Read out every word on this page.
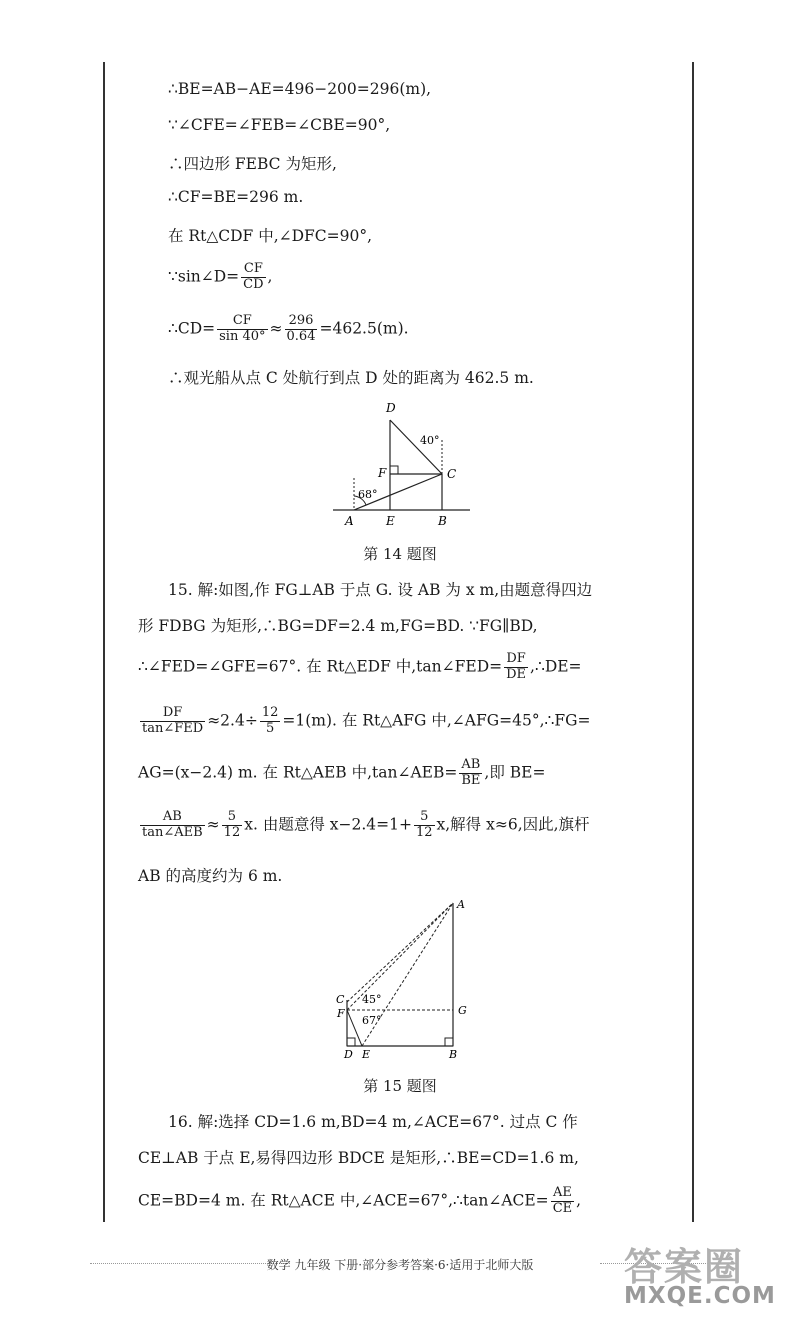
∴BE=AB−AE=496−200=296(m),
∵∠CFE=∠FEB=∠CBE=90°,
∴四边形 FEBC 为矩形,
∴CF=BE=296 m.
在 Rt△CDF 中,∠DFC=90°,
∵sin∠D= $\frac{CF}{CD}$ ,
∴CD= $\frac{CF}{\sin 40^\circ} \approx \frac{296}{0.64} =462.5(m)$.
∴观光船从点 C 处航行到点 D 处的距离为 462.5 m.
D
F	C
A	E	B
40°
68°
第 14 题图
15. 解:如图,作 FG⊥AB 于点 G. 设 AB 为 x m,由题意得四边
形 FDBG 为矩形,∴BG=DF=2.4 m,FG=BD. ∵FG∥BD,
∴∠FED=∠GFE=67°. 在 Rt△EDF 中,tan∠FED= $\frac{DF}{DE}$ ,∴DE=
$\frac{DF}{\text{tan∠FED}} \approx 2.4\div \frac{12}{5} =1(m)$. 在 Rt△AFG 中,∠AFG=45°,∴FG=
AG=(x−2.4) m. 在 Rt△AEB 中,tan∠AEB= $\frac{AB}{BE}$ ,即 BE=
$\frac{AB}{\text{tan∠AEB}} \approx \frac{5}{12} x$. 由题意得 $x-2.4=1+ \frac{5}{12} x$,解得 x≈6,因此,旗杆
AB 的高度约为 6 m.
A
C
F	G
D E	B
45°
67°
第 15 题图
16. 解:选择 CD=1.6 m,BD=4 m,∠ACE=67°. 过点 C 作
CE⊥AB 于点 E,易得四边形 BDCE 是矩形,∴BE=CD=1.6 m,
CE=BD=4 m. 在 Rt△ACE 中,∠ACE=67°,∴tan∠ACE= $\frac{AE}{CE}$ ,
数学 九年级 下册·部分参考答案·6·适用于北师大版	答案圈
MXQE.COM
